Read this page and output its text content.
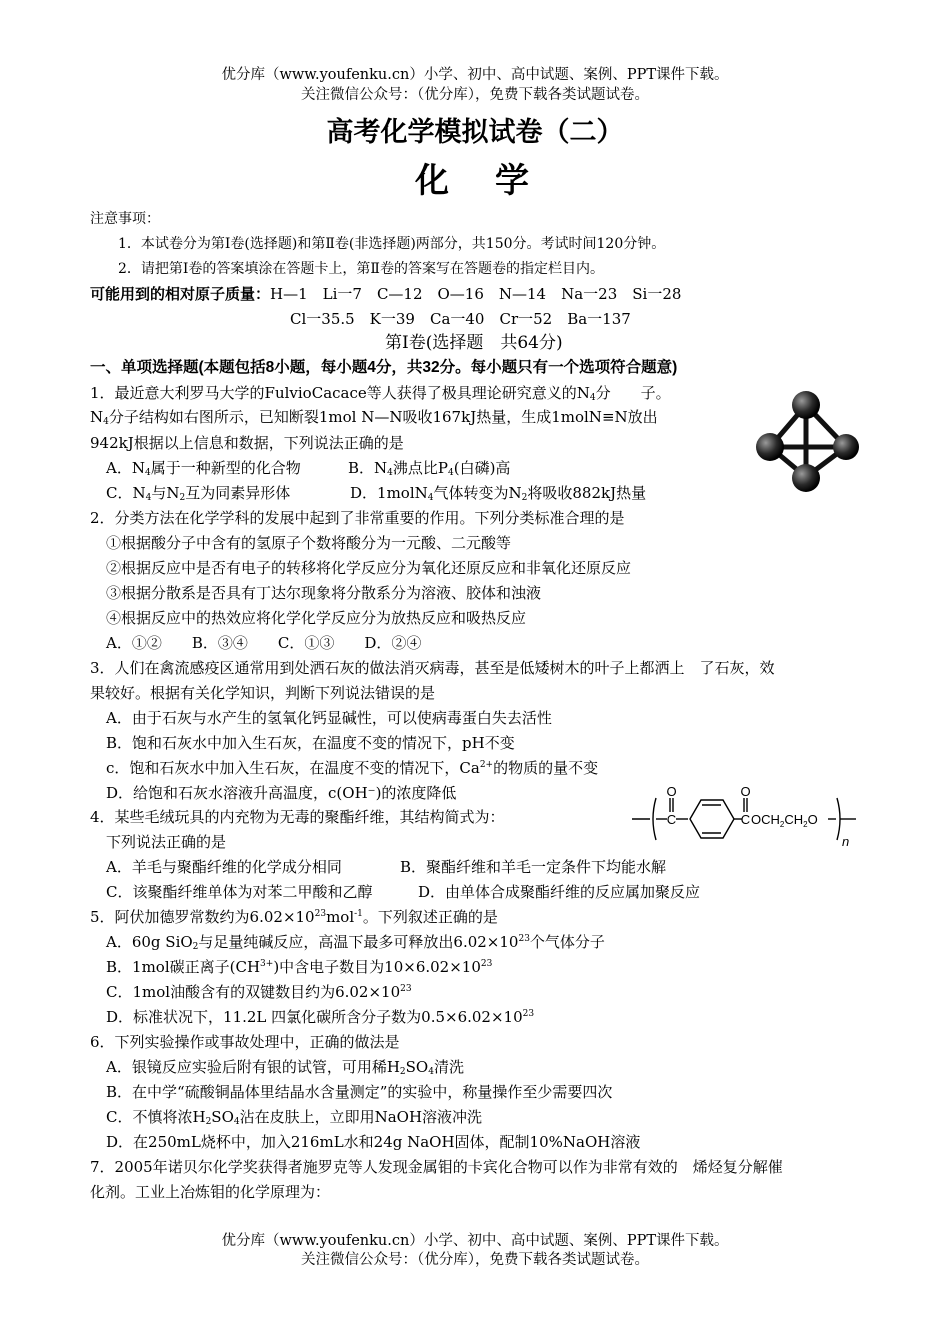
优分库（www.youfenku.cn）小学、初中、高中试题、案例、PPT课件下载。
关注微信公众号：（优分库），免费下载各类试题试卷。
高考化学模拟试卷（二）
化　学
注意事项：
1．本试卷分为第Ⅰ卷(选择题)和第Ⅱ卷(非选择题)两部分，共150分。考试时间120分钟。
2．请把第Ⅰ卷的答案填涂在答题卡上，第Ⅱ卷的答案写在答题卷的指定栏目内。
可能用到的相对原子质量：H—1　Li一7　C—12　O—16　N—14　Na一23　Si一28
Cl一35.5　K一39　Ca一40　Cr一52　Ba一137
第Ⅰ卷(选择题　共64分)
一、单项选择题(本题包括8小题，每小题4分，共32分。每小题只有一个选项符合题意)
1．最近意大利罗马大学的FulvioCacace等人获得了极具理论研究意义的$N_4$分　　子。
$N_4$分子结构如右图所示，已知断裂1mol N—N吸收167kJ热量，生成1molN≡N放出
942kJ根据以上信息和数据，下列说法正确的是
A．$N_4$属于一种新型的化合物	B．$N_4$沸点比$P_4$(白磷)高
C．$N_4$与$N_2$互为同素异形体	D．1molN$_4$气体转变为$N_2$将吸收882kJ热量
2．分类方法在化学学科的发展中起到了非常重要的作用。下列分类标准合理的是
①根据酸分子中含有的氢原子个数将酸分为一元酸、二元酸等
②根据反应中是否有电子的转移将化学反应分为氧化还原反应和非氧化还原反应
③根据分散系是否具有丁达尔现象将分散系分为溶液、胶体和浊液
④根据反应中的热效应将化学化学反应分为放热反应和吸热反应
A．①②　　B．③④　　C．①③　　D．②④
3．人们在禽流感疫区通常用到处洒石灰的做法消灭病毒，甚至是低矮树木的叶子上都洒上　了石灰，效
果较好。根据有关化学知识，判断下列说法错误的是
A．由于石灰与水产生的氢氧化钙显碱性，可以使病毒蛋白失去活性
B．饱和石灰水中加入生石灰，在温度不变的情况下，pH不变
c．饱和石灰水中加入生石灰，在温度不变的情况下，$Ca^{2+}$的物质的量不变
D．给饱和石灰水溶液升高温度，c(OH⁻)的浓度降低
4．某些毛绒玩具的内充物为无毒的聚酯纤维，其结构简式为：
下列说法正确的是
O
C
O
C $OCH_2CH_2O$
n
A．羊毛与聚酯纤维的化学成分相同	B．聚酯纤维和羊毛一定条件下均能水解
C．该聚酯纤维单体为对苯二甲酸和乙醇	D．由单体合成聚酯纤维的反应属加聚反应
5．阿伏加德罗常数约为$6.02\times 10^{23}mol^{-1}$。下列叙述正确的是
A．60g SiO$_2$与足量纯碱反应，高温下最多可释放出$6.02\times 10^{23}$个气体分子
B．1mol碳正离子$(CH^{3+})$中含电子数目为$10\times 6.02\times 10^{23}$
C．1mol油酸含有的双键数目约为$6.02\times 10^{23}$
D．标准状况下，11.2L 四氯化碳所含分子数为$0.5\times 6.02\times 10^{23}$
6．下列实验操作或事故处理中，正确的做法是
A．银镜反应实验后附有银的试管，可用稀$H_2SO_4$清洗
B．在中学“硫酸铜晶体里结晶水含量测定”的实验中，称量操作至少需要四次
C．不慎将浓$H_2SO_4$沾在皮肤上，立即用NaOH溶液冲洗
D．在250mL烧杯中，加入216mL水和24g NaOH固体，配制10%NaOH溶液
7．2005年诺贝尔化学奖获得者施罗克等人发现金属钼的卡宾化合物可以作为非常有效的　烯烃复分解催
化剂。工业上冶炼钼的化学原理为：
优分库（www.youfenku.cn）小学、初中、高中试题、案例、PPT课件下载。
关注微信公众号：（优分库），免费下载各类试题试卷。
